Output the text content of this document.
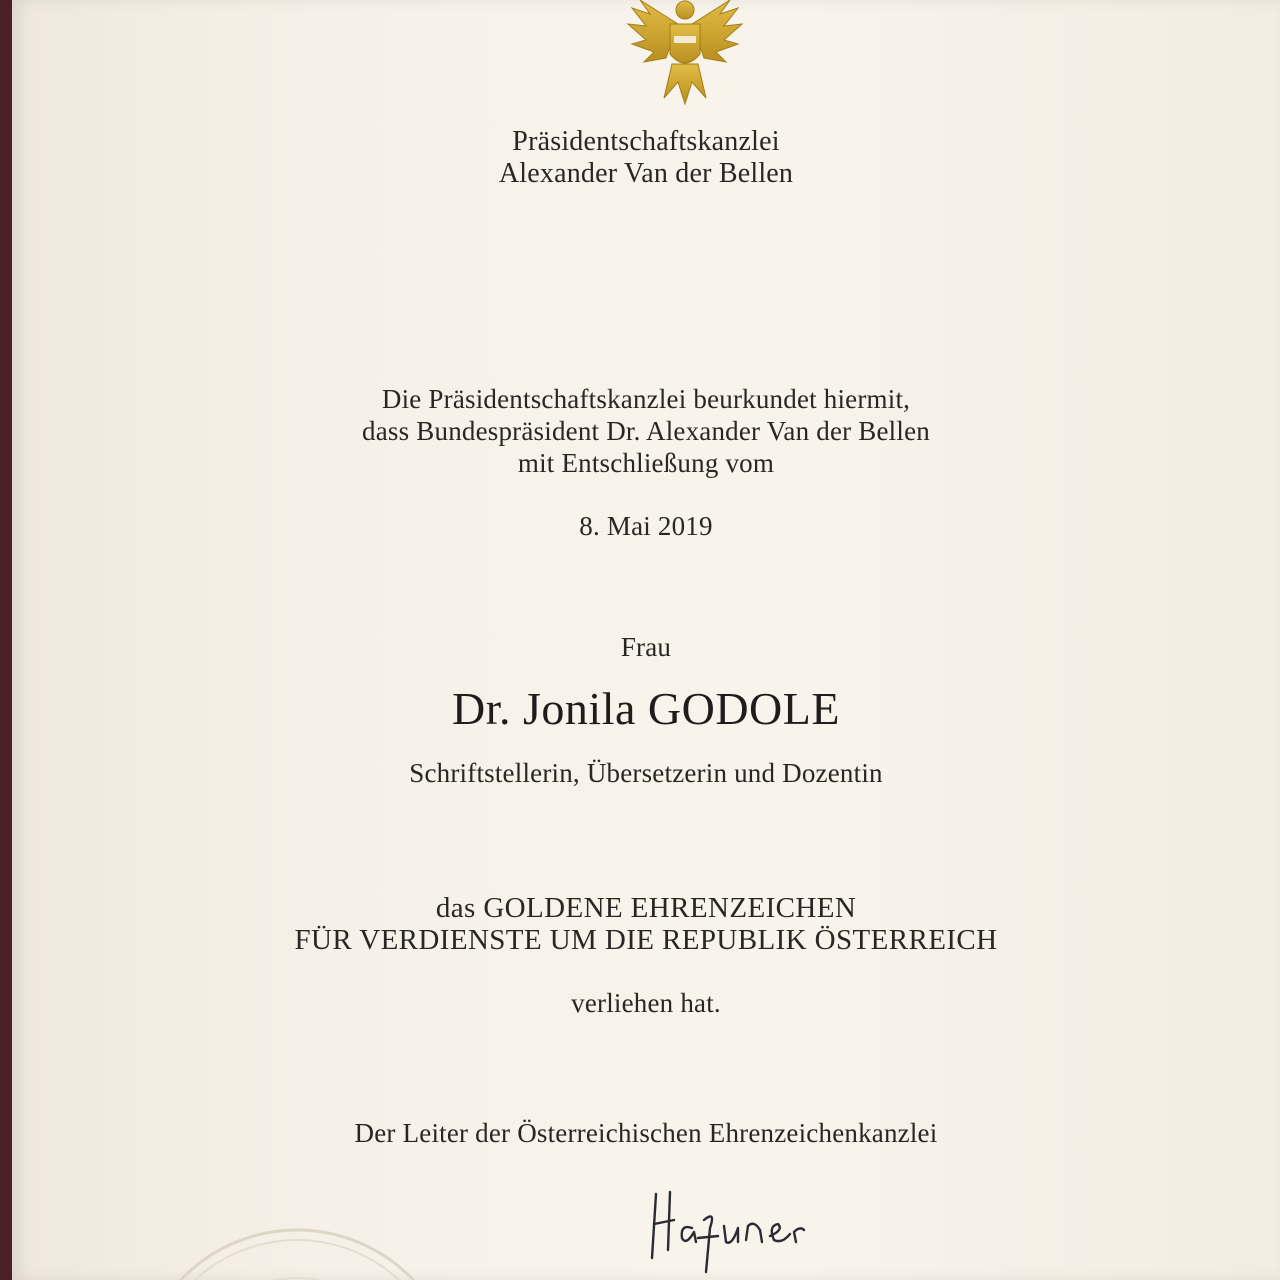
Präsidentschaftskanzlei
Alexander Van der Bellen
Die Präsidentschaftskanzlei beurkundet hiermit,
dass Bundespräsident Dr. Alexander Van der Bellen
mit Entschließung vom
8. Mai 2019
Frau
Dr. Jonila GODOLE
Schriftstellerin, Übersetzerin und Dozentin
das GOLDENE EHRENZEICHEN
FÜR VERDIENSTE UM DIE REPUBLIK ÖSTERREICH
verliehen hat.
Der Leiter der Österreichischen Ehrenzeichenkanzlei
